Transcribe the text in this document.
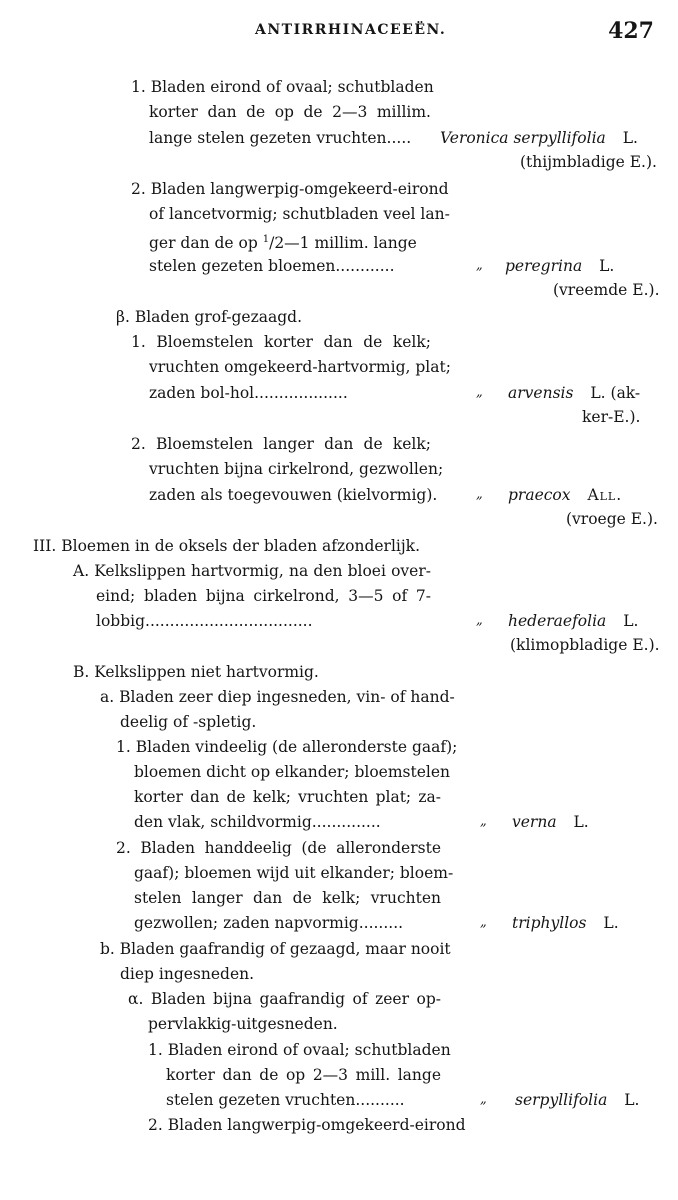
ANTIRRHINACEEËN.	427
1. Bladen eirond of ovaal; schutbladen
korter dan de op de 2—3 millim.
lange stelen gezeten vruchten..... Veronica serpyllifolia L.
(thijmbladige E.).
2. Bladen langwerpig-omgekeerd-eirond
of lancetvormig; schutbladen veel lan-
ger dan de op $^1$/2—1 millim. lange
stelen gezeten bloemen............	„ peregrina L.
(vreemde E.).
β. Bladen grof-gezaagd.
1. Bloemstelen korter dan de kelk;
vruchten omgekeerd-hartvormig, plat;
zaden bol-hol...................	„ arvensis L. (ak-
ker-E.).
2. Bloemstelen langer dan de kelk;
vruchten bijna cirkelrond, gezwollen;
zaden als toegevouwen (kielvormig).	„ praecox All.
(vroege E.).
III. Bloemen in de oksels der bladen afzonderlijk.
A. Kelkslippen hartvormig, na den bloei over-
eind; bladen bijna cirkelrond, 3—5 of 7-
lobbig..................................	„ hederaefolia L.
(klimopbladige E.).
B. Kelkslippen niet hartvormig.
a. Bladen zeer diep ingesneden, vin- of hand-
deelig of -spletig.
1. Bladen vindeelig (de alleronderste gaaf);
bloemen dicht op elkander; bloemstelen
korter dan de kelk; vruchten plat; za-
den vlak, schildvormig..............	„ verna L.
2. Bladen handdeelig (de alleronderste
gaaf); bloemen wijd uit elkander; bloem-
stelen langer dan de kelk; vruchten
gezwollen; zaden napvormig.........	„ triphyllos L.
b. Bladen gaafrandig of gezaagd, maar nooit
diep ingesneden.
α. Bladen bijna gaafrandig of zeer op-
pervlakkig-uitgesneden.
1. Bladen eirond of ovaal; schutbladen
korter dan de op 2—3 mill. lange
stelen gezeten vruchten..........	„ serpyllifolia L.
2. Bladen langwerpig-omgekeerd-eirond
